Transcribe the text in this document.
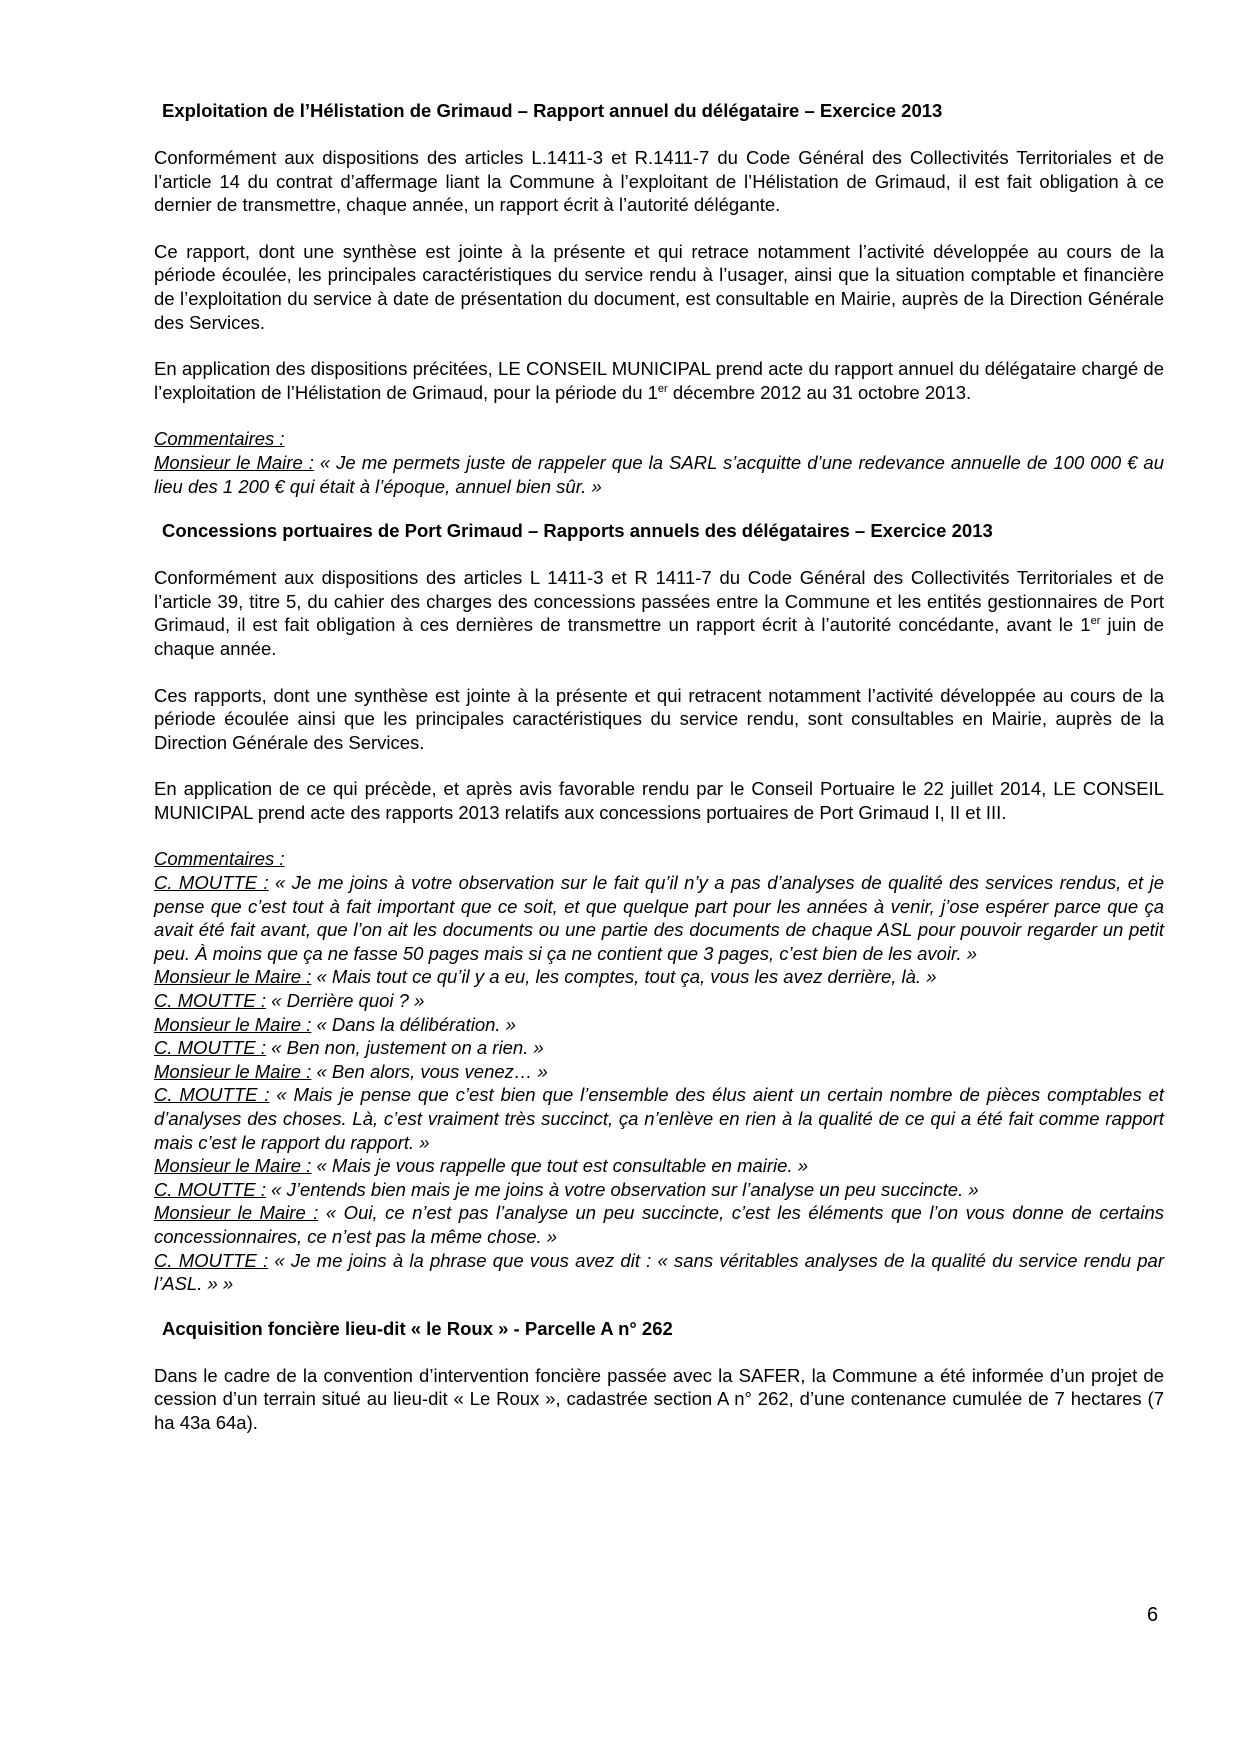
Exploitation de l’Hélistation de Grimaud – Rapport annuel du délégataire – Exercice 2013

Conformément aux dispositions des articles L.1411-3 et R.1411-7 du Code Général des Collectivités Territoriales et de l’article 14 du contrat d’affermage liant la Commune à l’exploitant de l’Hélistation de Grimaud, il est fait obligation à ce dernier de transmettre, chaque année, un rapport écrit à l’autorité délégante.

Ce rapport, dont une synthèse est jointe à la présente et qui retrace notamment l’activité développée au cours de la période écoulée, les principales caractéristiques du service rendu à l’usager, ainsi que la situation comptable et financière de l’exploitation du service à date de présentation du document, est consultable en Mairie, auprès de la Direction Générale des Services.

En application des dispositions précitées, LE CONSEIL MUNICIPAL prend acte du rapport annuel du délégataire chargé de l’exploitation de l’Hélistation de Grimaud, pour la période du 1er décembre 2012 au 31 octobre 2013.

Commentaires :
Monsieur le Maire : « Je me permets juste de rappeler que la SARL s’acquitte d’une redevance annuelle de 100 000 € au lieu des 1 200 € qui était à l’époque, annuel bien sûr. »
Concessions portuaires de Port Grimaud – Rapports annuels des délégataires – Exercice 2013

Conformément aux dispositions des articles L 1411-3 et R 1411-7 du Code Général des Collectivités Territoriales et de l’article 39, titre 5, du cahier des charges des concessions passées entre la Commune et les entités gestionnaires de Port Grimaud, il est fait obligation à ces dernières de transmettre un rapport écrit à l’autorité concédante, avant le 1er juin de chaque année.

Ces rapports, dont une synthèse est jointe à la présente et qui retracent notamment l’activité développée au cours de la période écoulée ainsi que les principales caractéristiques du service rendu, sont consultables en Mairie, auprès de la Direction Générale des Services.

En application de ce qui précède, et après avis favorable rendu par le Conseil Portuaire le 22 juillet 2014, LE CONSEIL MUNICIPAL prend acte des rapports 2013 relatifs aux concessions portuaires de Port Grimaud I, II et III.

Commentaires :
C. MOUTTE : « Je me joins à votre observation sur le fait qu’il n’y a pas d’analyses de qualité des services rendus, et je pense que c’est tout à fait important que ce soit, et que quelque part pour les années à venir, j’ose espérer parce que ça avait été fait avant, que l’on ait les documents ou une partie des documents de chaque ASL pour pouvoir regarder un petit peu. À moins que ça ne fasse 50 pages mais si ça ne contient que 3 pages, c’est bien de les avoir. »
Monsieur le Maire : « Mais tout ce qu’il y a eu, les comptes, tout ça, vous les avez derrière, là. »
C. MOUTTE : « Derrière quoi ? »
Monsieur le Maire : « Dans la délibération. »
C. MOUTTE : « Ben non, justement on a rien. »
Monsieur le Maire : « Ben alors, vous venez… »
C. MOUTTE : « Mais je pense que c’est bien que l’ensemble des élus aient un certain nombre de pièces comptables et d’analyses des choses. Là, c’est vraiment très succinct, ça n’enlève en rien à la qualité de ce qui a été fait comme rapport mais c’est le rapport du rapport. »
Monsieur le Maire : « Mais je vous rappelle que tout est consultable en mairie. »
C. MOUTTE : « J’entends bien mais je me joins à votre observation sur l’analyse un peu succincte. »
Monsieur le Maire : « Oui, ce n’est pas l’analyse un peu succincte, c’est les éléments que l’on vous donne de certains concessionnaires, ce n’est pas la même chose. »
C. MOUTTE : « Je me joins à la phrase que vous avez dit : « sans véritables analyses de la qualité du service rendu par l’ASL. » »
Acquisition foncière lieu-dit « le Roux » - Parcelle A n° 262

Dans le cadre de la convention d’intervention foncière passée avec la SAFER, la Commune a été informée d’un projet de cession d’un terrain situé au lieu-dit « Le Roux », cadastrée section A n° 262, d’une contenance cumulée de 7 hectares (7 ha 43a 64a).

6
